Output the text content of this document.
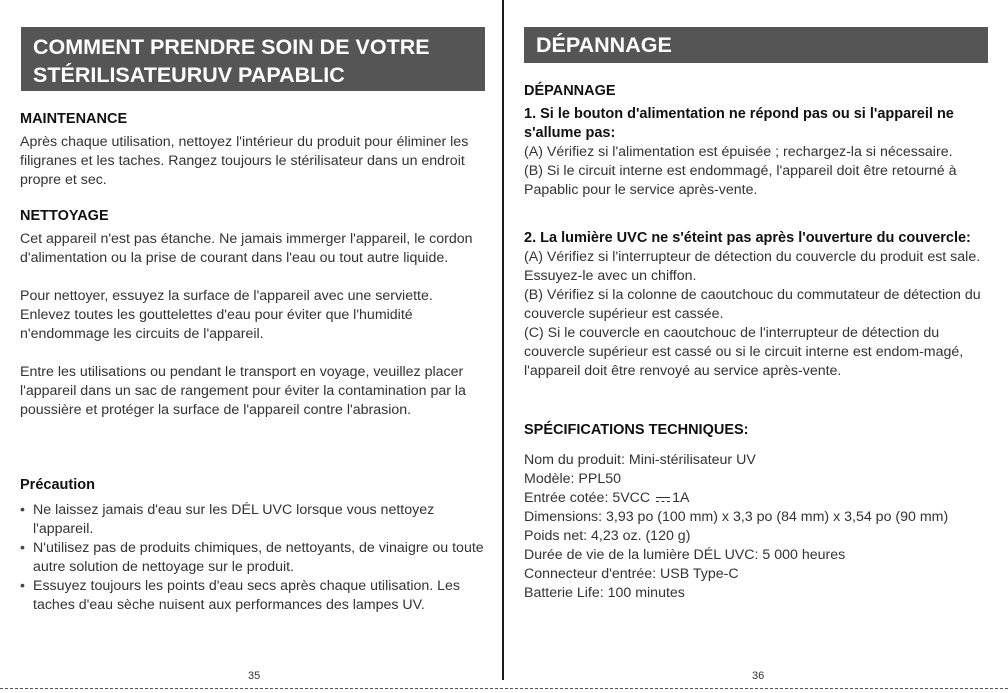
COMMENT PRENDRE SOIN DE VOTRE
STÉRILISATEURUV PAPABLIC

MAINTENANCE

Après chaque utilisation, nettoyez l'intérieur du produit pour éliminer les filigranes et les taches. Rangez toujours le stérilisateur dans un endroit propre et sec.

NETTOYAGE

Cet appareil n'est pas étanche. Ne jamais immerger l'appareil, le cordon d'alimentation ou la prise de courant dans l'eau ou tout autre liquide.

Pour nettoyer, essuyez la surface de l'appareil avec une serviette. Enlevez toutes les gouttelettes d'eau pour éviter que l'humidité n'endommage les circuits de l'appareil.

Entre les utilisations ou pendant le transport en voyage, veuillez placer l'appareil dans un sac de rangement pour éviter la contamination par la poussière et protéger la surface de l'appareil contre l'abrasion.

Précaution

• Ne laissez jamais d'eau sur les DÉL UVC lorsque vous nettoyez l'appareil.
• N'utilisez pas de produits chimiques, de nettoyants, de vinaigre ou toute autre solution de nettoyage sur le produit.
• Essuyez toujours les points d'eau secs après chaque utilisation. Les taches d'eau sèche nuisent aux performances des lampes UV.
35
DÉPANNAGE

DÉPANNAGE

1. Si le bouton d'alimentation ne répond pas ou si l'appareil ne s'allume pas:

(A) Vérifiez si l'alimentation est épuisée ; rechargez-la si nécessaire.

(B) Si le circuit interne est endommagé, l'appareil doit être retourné à Papablic pour le service après-vente.

2. La lumière UVC ne s'éteint pas après l'ouverture du couvercle:

(A) Vérifiez si l'interrupteur de détection du couvercle du produit est sale. Essuyez-le avec un chiffon.

(B) Vérifiez si la colonne de caoutchouc du commutateur de détection du couvercle supérieur est cassée.

(C) Si le couvercle en caoutchouc de l'interrupteur de détection du couvercle supérieur est cassé ou si le circuit interne est endom-magé, l'appareil doit être renvoyé au service après-vente.

SPÉCIFICATIONS TECHNIQUES:

Nom du produit: Mini-stérilisateur UV

Modèle: PPL50

Entrée cotée: 5VCC 1A

Dimensions: 3,93 po (100 mm) x 3,3 po (84 mm) x 3,54 po (90 mm)

Poids net: 4,23 oz. (120 g)

Durée de vie de la lumière DÉL UVC: 5 000 heures

Connecteur d'entrée: USB Type-C

Batterie Life: 100 minutes

36
